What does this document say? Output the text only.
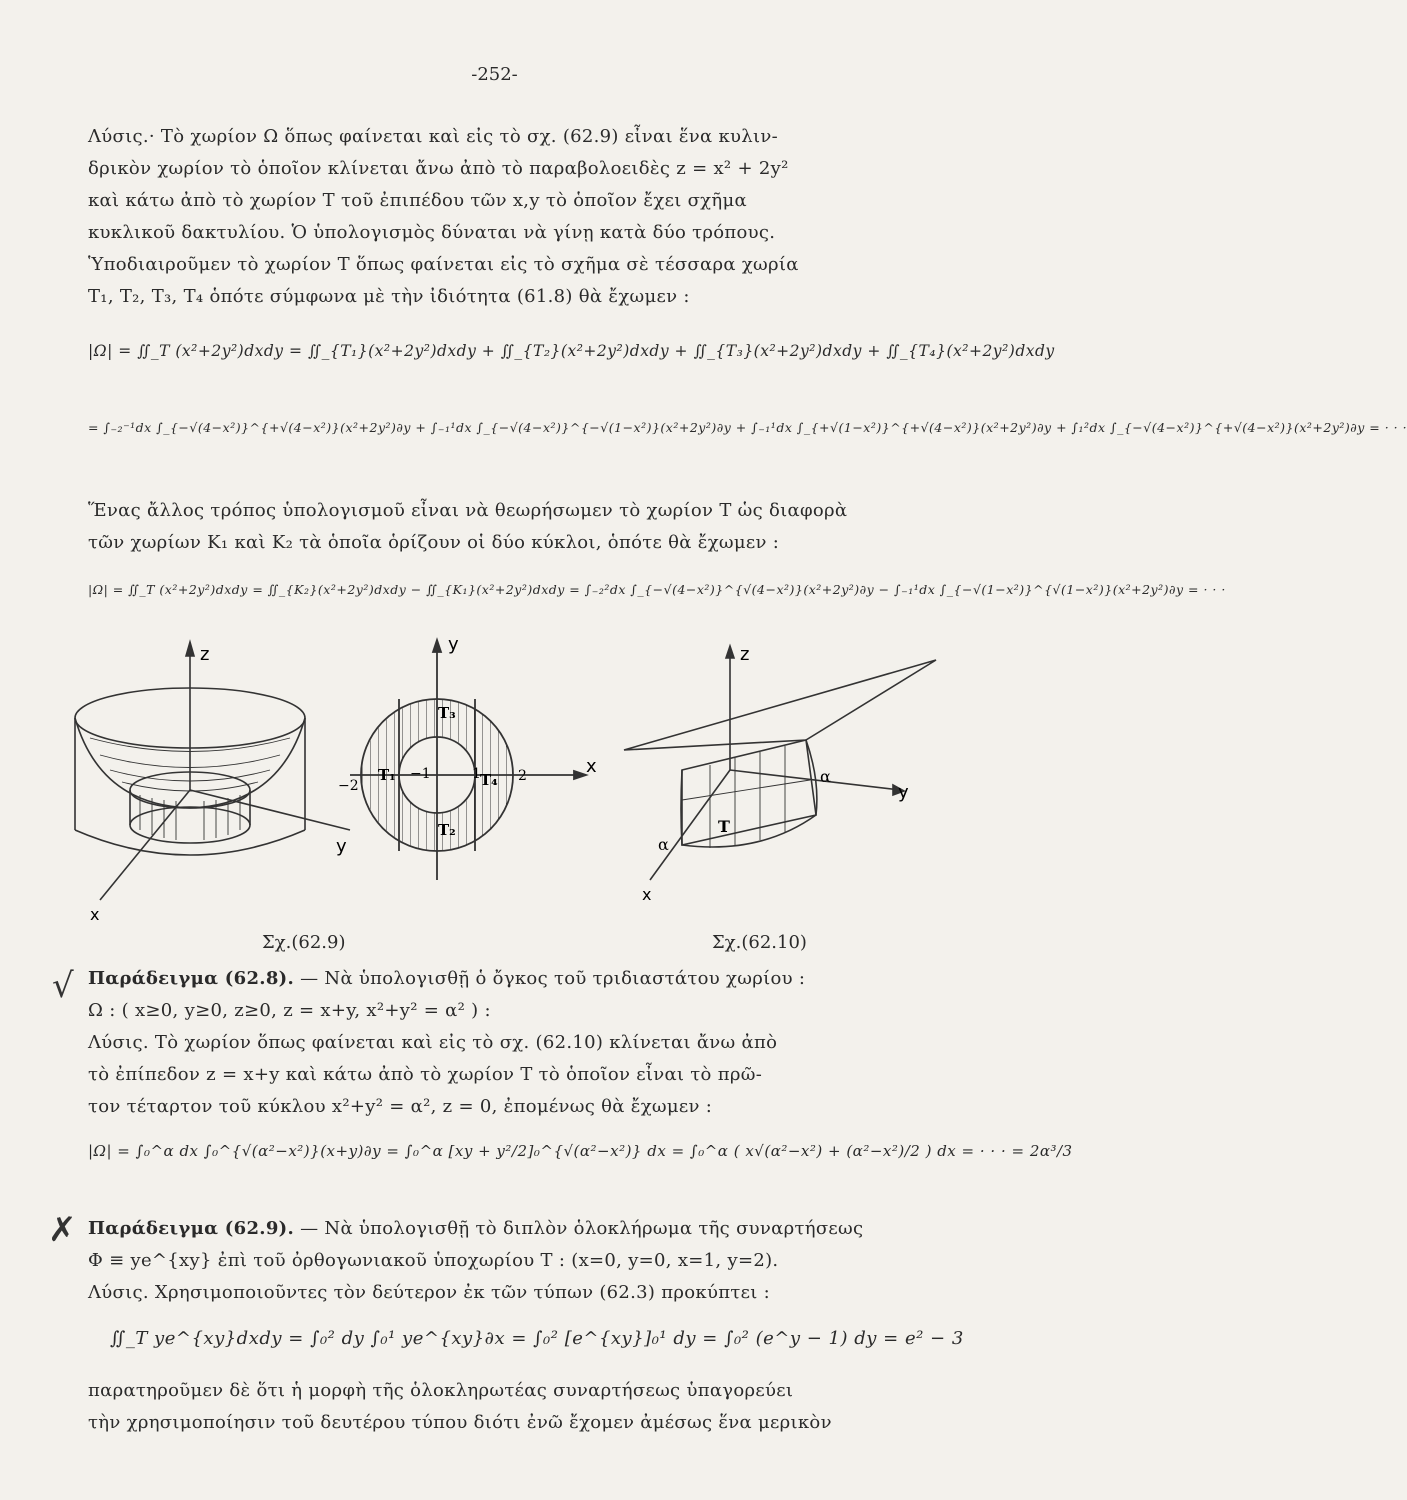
-252-
Λύσις.· Τὸ χωρίον Ω ὅπως φαίνεται καὶ εἰς τὸ σχ. (62.9) εἶναι ἕνα κυλιν-
δρικὸν χωρίον τὸ ὁποῖον κλίνεται ἄνω ἀπὸ τὸ παραβολοειδὲς z = x² + 2y²
καὶ κάτω ἀπὸ τὸ χωρίον T τοῦ ἐπιπέδου τῶν x,y τὸ ὁποῖον ἔχει σχῆμα
κυκλικοῦ δακτυλίου. Ὁ ὑπολογισμὸς δύναται νὰ γίνῃ κατὰ δύο τρόπους.
Ὑποδιαιροῦμεν τὸ χωρίον T ὅπως φαίνεται εἰς τὸ σχῆμα σὲ τέσσαρα χωρία
T₁, T₂, T₃, T₄ ὁπότε σύμφωνα μὲ τὴν ἰδιότητα (61.8) θὰ ἔχωμεν :
|Ω| = ∬_T (x²+2y²)dxdy = ∬_{T₁}(x²+2y²)dxdy + ∬_{T₂}(x²+2y²)dxdy + ∬_{T₃}(x²+2y²)dxdy + ∬_{T₄}(x²+2y²)dxdy
= ∫₋₂⁻¹dx ∫_{−√(4−x²)}^{+√(4−x²)}(x²+2y²)∂y + ∫₋₁¹dx ∫_{−√(4−x²)}^{−√(1−x²)}(x²+2y²)∂y + ∫₋₁¹dx ∫_{+√(1−x²)}^{+√(4−x²)}(x²+2y²)∂y + ∫₁²dx ∫_{−√(4−x²)}^{+√(4−x²)}(x²+2y²)∂y = · · ·
Ἕνας ἄλλος τρόπος ὑπολογισμοῦ εἶναι νὰ θεωρήσωμεν τὸ χωρίον T ὡς διαφορὰ
τῶν χωρίων K₁ καὶ K₂ τὰ ὁποῖα ὁρίζουν οἱ δύο κύκλοι, ὁπότε θὰ ἔχωμεν :
|Ω| = ∬_T (x²+2y²)dxdy = ∬_{K₂}(x²+2y²)dxdy − ∬_{K₁}(x²+2y²)dxdy = ∫₋₂²dx ∫_{−√(4−x²)}^{√(4−x²)}(x²+2y²)∂y − ∫₋₁¹dx ∫_{−√(1−x²)}^{√(1−x²)}(x²+2y²)∂y = · · ·
z
x
y
x
T₃
T₂
T₁	T₄
−2
−1	1	2
z
y
x
T
α
α
Σχ.(62.9)	Σχ.(62.10)
√ Παράδειγμα (62.8). — Νὰ ὑπολογισθῇ ὁ ὄγκος τοῦ τριδιαστάτου χωρίου :
Ω : ( x≥0, y≥0, z≥0, z = x+y, x²+y² = α² ) :
Λύσις. Τὸ χωρίον ὅπως φαίνεται καὶ εἰς τὸ σχ. (62.10) κλίνεται ἄνω ἀπὸ
τὸ ἐπίπεδον z = x+y καὶ κάτω ἀπὸ τὸ χωρίον T τὸ ὁποῖον εἶναι τὸ πρῶ-
τον τέταρτον τοῦ κύκλου x²+y² = α², z = 0, ἐπομένως θὰ ἔχωμεν :
|Ω| = ∫₀^α dx ∫₀^{√(α²−x²)}(x+y)∂y = ∫₀^α [xy + y²/2]₀^{√(α²−x²)} dx = ∫₀^α ( x√(α²−x²) + (α²−x²)/2 ) dx = · · · = 2α³/3
✗ Παράδειγμα (62.9). — Νὰ ὑπολογισθῇ τὸ διπλὸν ὁλοκλήρωμα τῆς συναρτήσεως
Φ ≡ ye^{xy} ἐπὶ τοῦ ὀρθογωνιακοῦ ὑποχωρίου T : (x=0, y=0, x=1, y=2).
Λύσις. Χρησιμοποιοῦντες τὸν δεύτερον ἐκ τῶν τύπων (62.3) προκύπτει :
∬_T ye^{xy}dxdy = ∫₀² dy ∫₀¹ ye^{xy}∂x = ∫₀² [e^{xy}]₀¹ dy = ∫₀² (e^y − 1) dy = e² − 3
παρατηροῦμεν δὲ ὅτι ἡ μορφὴ τῆς ὁλοκληρωτέας συναρτήσεως ὑπαγορεύει
τὴν χρησιμοποίησιν τοῦ δευτέρου τύπου διότι ἐνῶ ἔχομεν ἀμέσως ἕνα μερικὸν
